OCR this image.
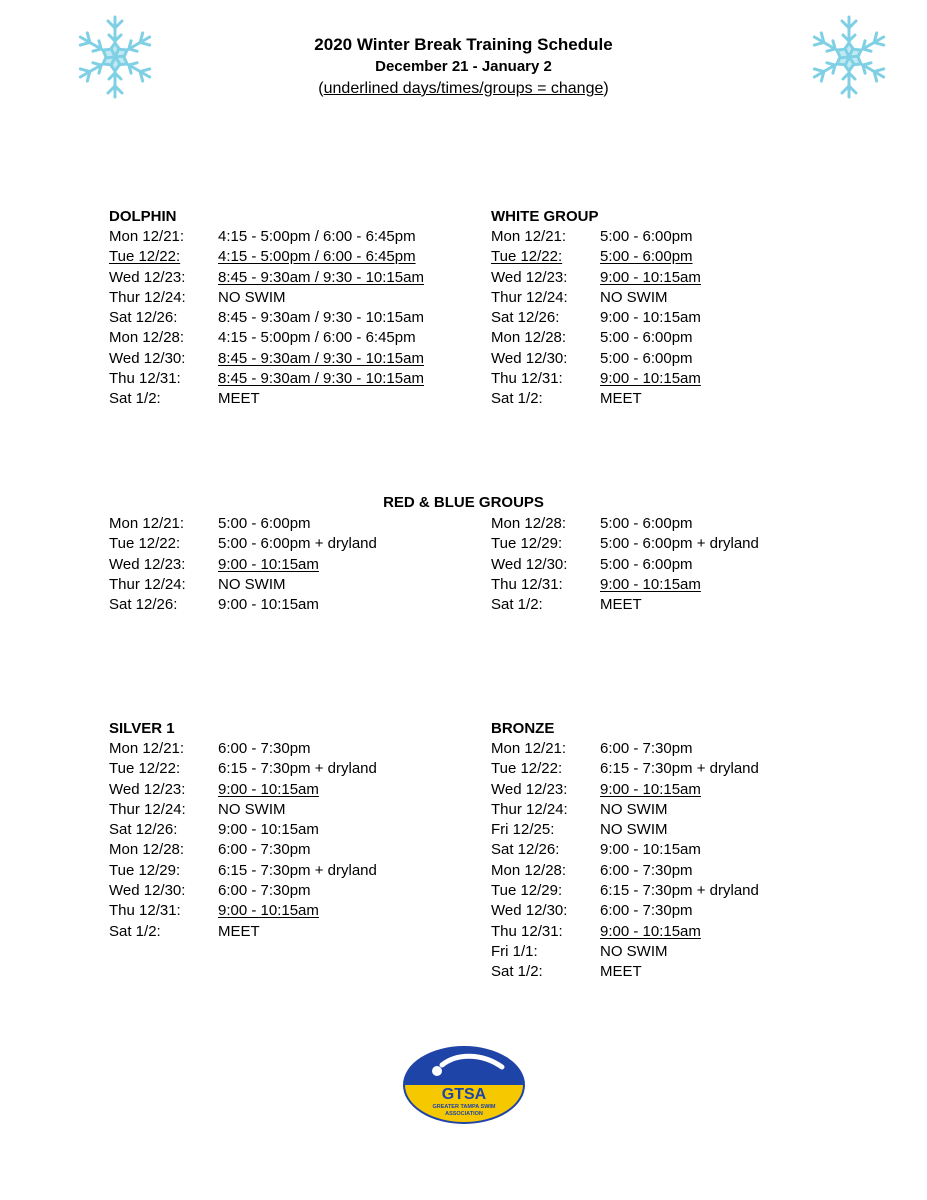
2020 Winter Break Training Schedule
December 21 - January 2
(underlined days/times/groups = change)
DOLPHIN
Mon 12/21:	4:15 - 5:00pm / 6:00 - 6:45pm
Tue 12/22:	4:15 - 5:00pm / 6:00 - 6:45pm
Wed 12/23:	8:45 - 9:30am / 9:30 - 10:15am
Thur 12/24:	NO SWIM
Sat 12/26:	8:45 - 9:30am / 9:30 - 10:15am
Mon 12/28:	4:15 - 5:00pm / 6:00 - 6:45pm
Wed 12/30:	8:45 - 9:30am / 9:30 - 10:15am
Thu 12/31:	8:45 - 9:30am / 9:30 - 10:15am
Sat 1/2:	MEET
WHITE GROUP
Mon 12/21:	5:00 - 6:00pm
Tue 12/22:	5:00 - 6:00pm
Wed 12/23:	9:00 - 10:15am
Thur 12/24:	NO SWIM
Sat 12/26:	9:00 - 10:15am
Mon 12/28:	5:00 - 6:00pm
Wed 12/30:	5:00 - 6:00pm
Thu 12/31:	9:00 - 10:15am
Sat 1/2:	MEET
RED & BLUE GROUPS
Mon 12/21:	5:00 - 6:00pm
Tue 12/22:	5:00 - 6:00pm + dryland
Wed 12/23:	9:00 - 10:15am
Thur 12/24:	NO SWIM
Sat 12/26:	9:00 - 10:15am
Mon 12/28:	5:00 - 6:00pm
Tue 12/29:	5:00 - 6:00pm + dryland
Wed 12/30:	5:00 - 6:00pm
Thu 12/31:	9:00 - 10:15am
Sat 1/2:	MEET
SILVER 1
Mon 12/21:	6:00 - 7:30pm
Tue 12/22:	6:15 - 7:30pm + dryland
Wed 12/23:	9:00 - 10:15am
Thur 12/24:	NO SWIM
Sat 12/26:	9:00 - 10:15am
Mon 12/28:	6:00 - 7:30pm
Tue 12/29:	6:15 - 7:30pm + dryland
Wed 12/30:	6:00 - 7:30pm
Thu 12/31:	9:00 - 10:15am
Sat 1/2:	MEET
BRONZE
Mon 12/21:	6:00 - 7:30pm
Tue 12/22:	6:15 - 7:30pm + dryland
Wed 12/23:	9:00 - 10:15am
Thur 12/24:	NO SWIM
Fri 12/25:	NO SWIM
Sat 12/26:	9:00 - 10:15am
Mon 12/28:	6:00 - 7:30pm
Tue 12/29:	6:15 - 7:30pm + dryland
Wed 12/30:	6:00 - 7:30pm
Thu 12/31:	9:00 - 10:15am
Fri 1/1:	NO SWIM
Sat 1/2:	MEET
GTSA
GREATER TAMPA SWIM
ASSOCIATION
